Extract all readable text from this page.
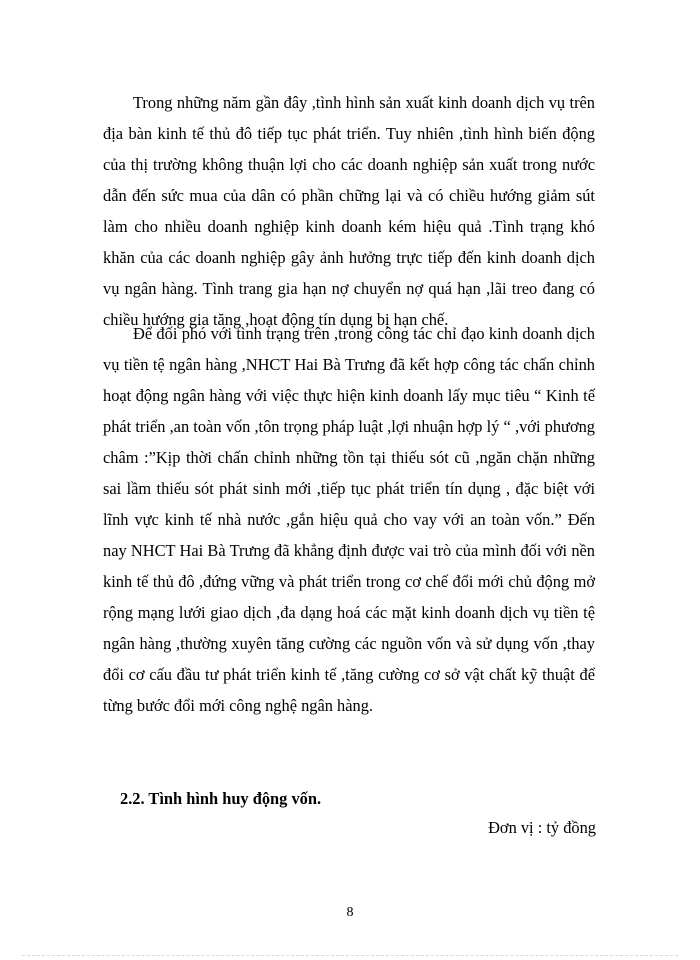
Trong những năm gần đây ,tình hình sản xuất kinh doanh dịch vụ trên địa bàn kinh tế thủ đô tiếp tục phát triển. Tuy nhiên ,tình hình biến động của thị trường không thuận lợi cho các doanh nghiệp sản xuất trong nước dẫn đến sức mua của dân có phần chững lại và có chiều hướng giảm sút làm cho nhiều doanh nghiệp kinh doanh kém hiệu quả .Tình trạng khó khăn của các doanh nghiệp gây ảnh hưởng trực tiếp đến kinh doanh dịch vụ ngân hàng. Tình trang gia hạn nợ chuyển nợ quá hạn ,lãi treo đang có chiều hướng gia tăng ,hoạt động tín dụng bị hạn chế.

Để đối phó với tình trạng trên ,trong công tác chỉ đạo kinh doanh dịch vụ tiền tệ ngân hàng ,NHCT Hai Bà Trưng đã kết hợp công tác chấn chỉnh hoạt động ngân hàng với việc thực hiện kinh doanh lấy mục tiêu “ Kinh tế phát triển ,an toàn vốn ,tôn trọng pháp luật ,lợi nhuận hợp lý “ ,với phương châm :”Kịp thời chấn chỉnh những tồn tại thiếu sót cũ ,ngăn chặn những sai lầm thiếu sót phát sinh mới ,tiếp tục phát triển tín dụng , đặc biệt với lĩnh vực kinh tế nhà nước ,gắn hiệu quả cho vay với an toàn vốn.” Đến nay NHCT Hai Bà Trưng đã khẳng định được vai trò của mình đối với nền kinh tế thủ đô ,đứng vững và phát triển trong cơ chế đổi mới chủ động mở rộng mạng lưới giao dịch ,đa dạng hoá các mặt kinh doanh dịch vụ tiền tệ ngân hàng ,thường xuyên tăng cường các nguồn vốn và sử dụng vốn ,thay đổi cơ cấu đầu tư phát triển kinh tế ,tăng cường cơ sở vật chất kỹ thuật để từng bước đổi mới công nghệ ngân hàng.

2.2. Tình hình huy động vốn.

Đơn vị : tỷ đồng

8
